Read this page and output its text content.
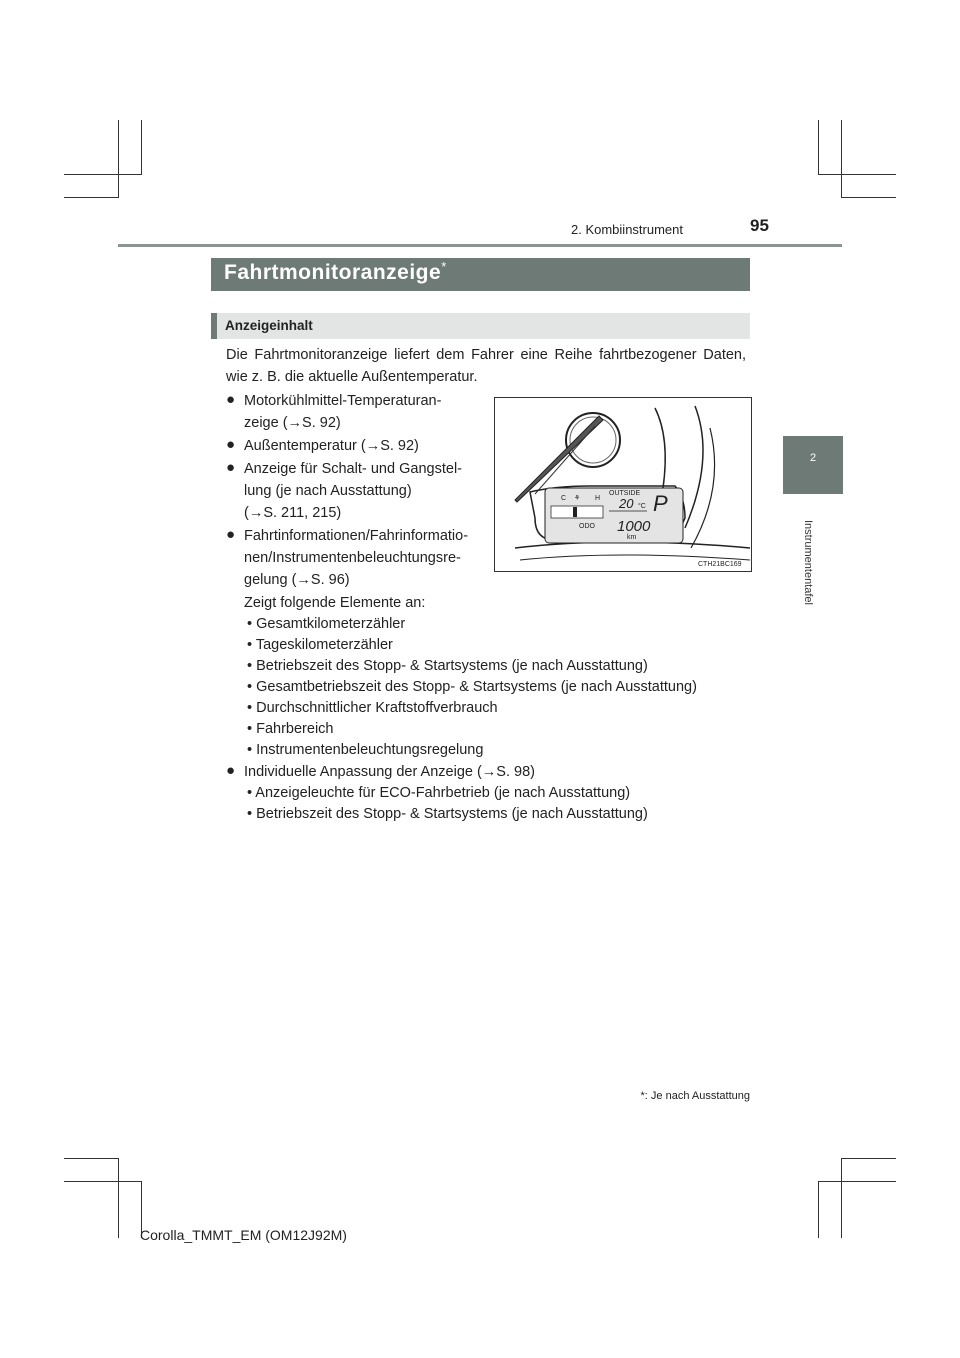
2. Kombiinstrument	95
2
Instrumententafel
Fahrtmonitoranzeige*
Anzeigeinhalt
Die Fahrtmonitoranzeige liefert dem Fahrer eine Reihe fahrtbezogener Daten, wie z. B. die aktuelle Außentemperatur.
● Motorkühlmittel-Temperaturan-
zeige (→S. 92)
● Außentemperatur (→S. 92)
● Anzeige für Schalt- und Gangstel-
lung (je nach Ausstattung)
(→S. 211, 215)
● Fahrtinformationen/Fahrinformatio-
nen/Instrumentenbeleuchtungsre-
gelung (→S. 96)
Zeigt folgende Elemente an:
• Gesamtkilometerzähler
• Tageskilometerzähler
• Betriebszeit des Stopp- & Startsystems (je nach Ausstattung)
• Gesamtbetriebszeit des Stopp- & Startsystems (je nach Ausstattung)
• Durchschnittlicher Kraftstoffverbrauch
• Fahrbereich
• Instrumentenbeleuchtungsregelung
● Individuelle Anpassung der Anzeige (→S. 98)
• Anzeigeleuchte für ECO-Fahrbetrieb (je nach Ausstattung)
• Betriebszeit des Stopp- & Startsystems (je nach Ausstattung)
C ⚘ H
OUTSIDE
20 °C P
ODO 1000
km
CTH21BC169
*: Je nach Ausstattung
Corolla_TMMT_EM (OM12J92M)
